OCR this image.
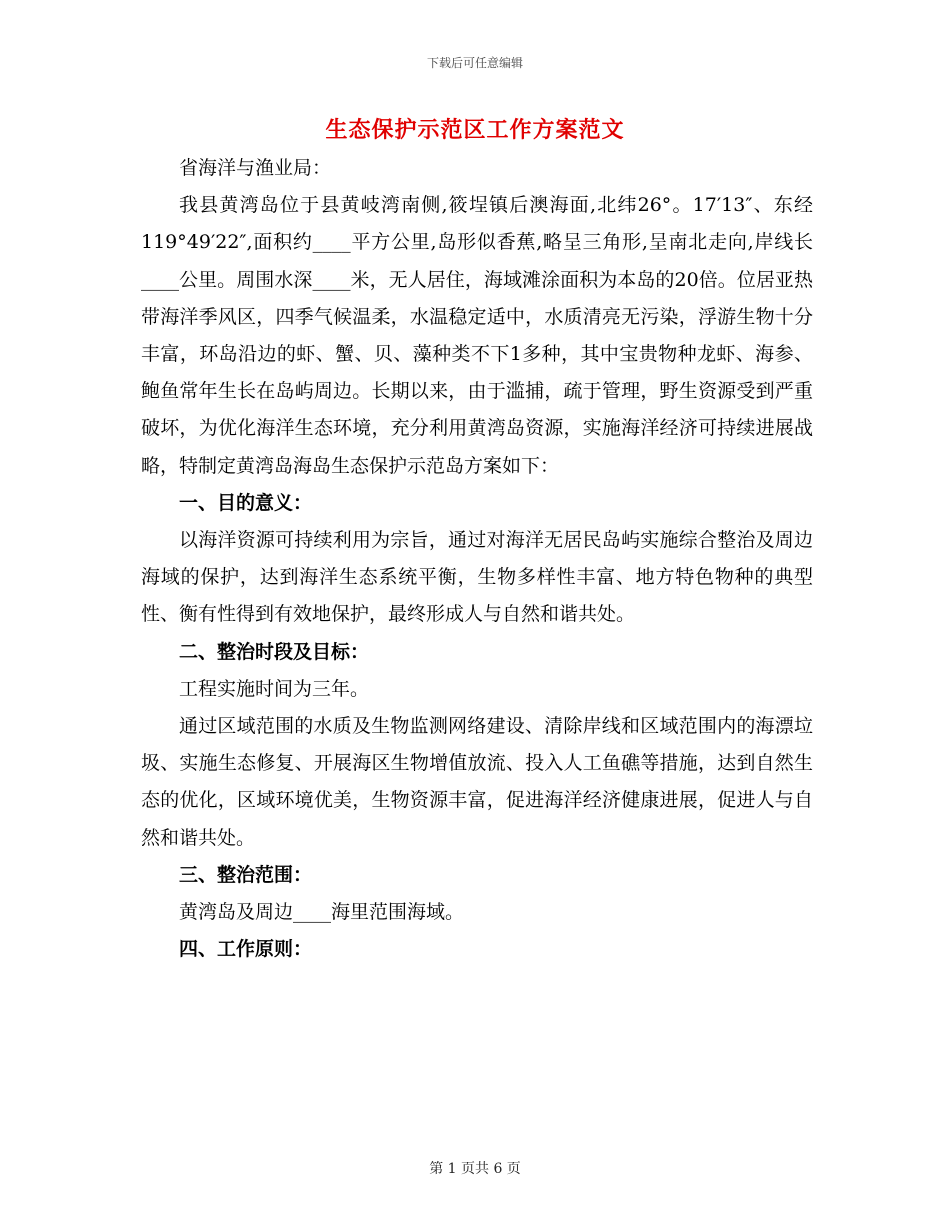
下载后可任意编辑
生态保护示范区工作方案范文

省海洋与渔业局：

我县黄湾岛位于县黄岐湾南侧,筱埕镇后澳海面,北纬26°。17′13″、东经119°49′22″,面积约____平方公里,岛形似香蕉,略呈三角形,呈南北走向,岸线长____公里。周围水深____米，无人居住，海域滩涂面积为本岛的20倍。位居亚热带海洋季风区，四季气候温柔，水温稳定适中，水质清亮无污染，浮游生物十分丰富，环岛沿边的虾、蟹、贝、藻种类不下1多种，其中宝贵物种龙虾、海参、鲍鱼常年生长在岛屿周边。长期以来，由于滥捕，疏于管理，野生资源受到严重破坏，为优化海洋生态环境，充分利用黄湾岛资源，实施海洋经济可持续进展战略，特制定黄湾岛海岛生态保护示范岛方案如下：

一、目的意义：

以海洋资源可持续利用为宗旨，通过对海洋无居民岛屿实施综合整治及周边海域的保护，达到海洋生态系统平衡，生物多样性丰富、地方特色物种的典型性、衡有性得到有效地保护，最终形成人与自然和谐共处。

二、整治时段及目标：

工程实施时间为三年。

通过区域范围的水质及生物监测网络建设、清除岸线和区域范围内的海漂垃圾、实施生态修复、开展海区生物增值放流、投入人工鱼礁等措施，达到自然生态的优化，区域环境优美，生物资源丰富，促进海洋经济健康进展，促进人与自然和谐共处。

三、整治范围：

黄湾岛及周边____海里范围海域。

四、工作原则：

第 1 页共 6 页
